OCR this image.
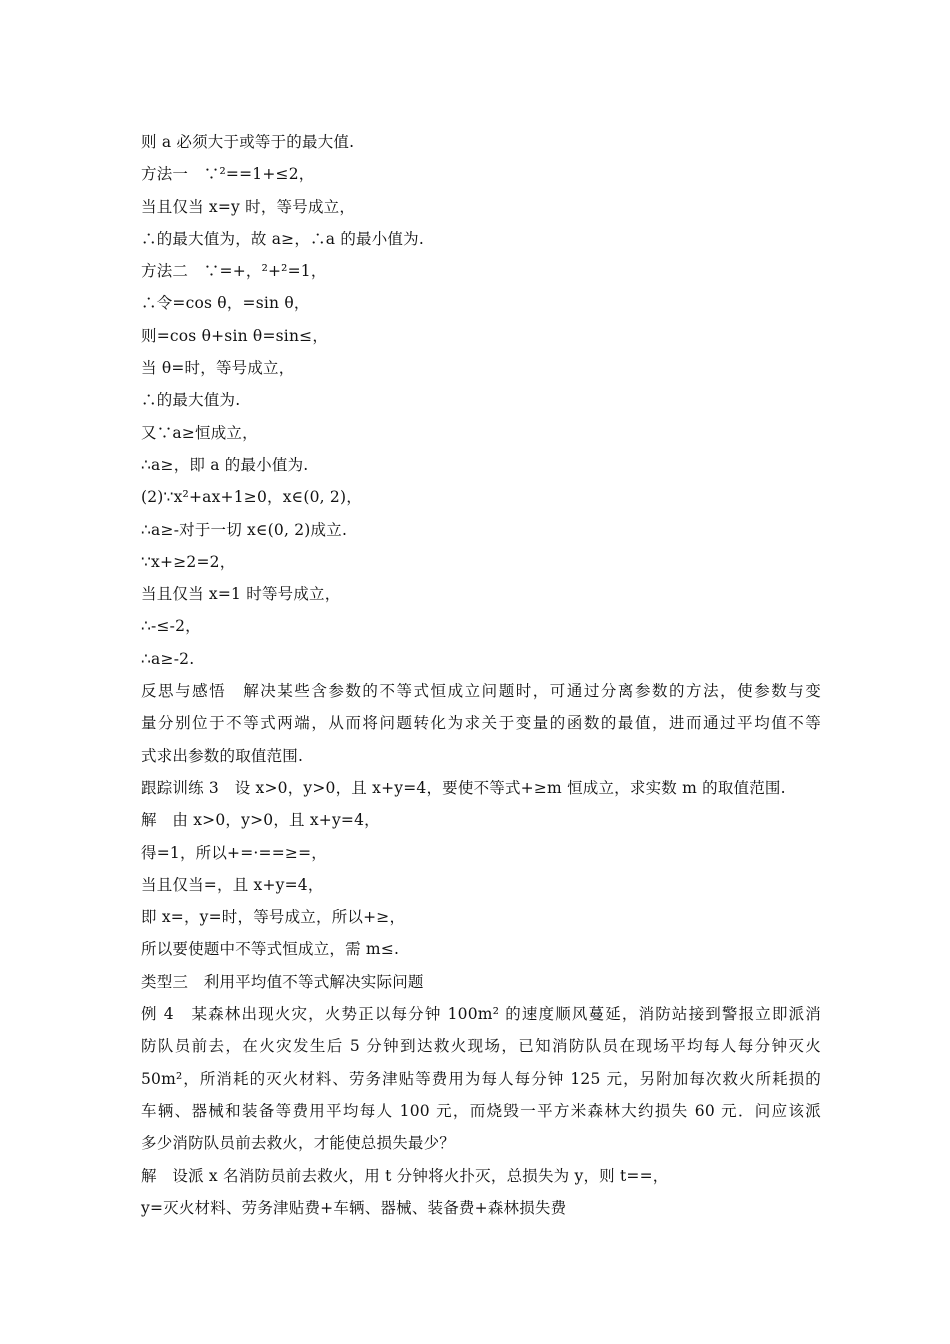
则 a 必须大于或等于的最大值.
方法一　∵²==1+≤2，
当且仅当 x=y 时，等号成立，
∴的最大值为，故 a≥，∴a 的最小值为.
方法二　∵=+，²+²=1，
∴令=cos θ，=sin θ，
则=cos θ+sin θ=sin≤，
当 θ=时，等号成立，
∴的最大值为.
又∵a≥恒成立，
∴a≥，即 a 的最小值为.
(2)∵x²+ax+1≥0，x∈(0, 2)，
∴a≥-对于一切 x∈(0, 2)成立.
∵x+≥2=2，
当且仅当 x=1 时等号成立，
∴-≤-2，
∴a≥-2.
反思与感悟　解决某些含参数的不等式恒成立问题时，可通过分离参数的方法，使参数与变
量分别位于不等式两端，从而将问题转化为求关于变量的函数的最值，进而通过平均值不等
式求出参数的取值范围.
跟踪训练 3　设 x>0，y>0，且 x+y=4，要使不等式+≥m 恒成立，求实数 m 的取值范围.
解　由 x>0，y>0，且 x+y=4，
得=1，所以+=·==≥=，
当且仅当=，且 x+y=4，
即 x=，y=时，等号成立，所以+≥，
所以要使题中不等式恒成立，需 m≤.
类型三　利用平均值不等式解决实际问题
例 4　某森林出现火灾，火势正以每分钟 100m² 的速度顺风蔓延，消防站接到警报立即派消
防队员前去，在火灾发生后 5 分钟到达救火现场，已知消防队员在现场平均每人每分钟灭火
50m²，所消耗的灭火材料、劳务津贴等费用为每人每分钟 125 元，另附加每次救火所耗损的
车辆、器械和装备等费用平均每人 100 元，而烧毁一平方米森林大约损失 60 元．问应该派
多少消防队员前去救火，才能使总损失最少？
解　设派 x 名消防员前去救火，用 t 分钟将火扑灭，总损失为 y，则 t==，
y=灭火材料、劳务津贴费+车辆、器械、装备费+森林损失费
